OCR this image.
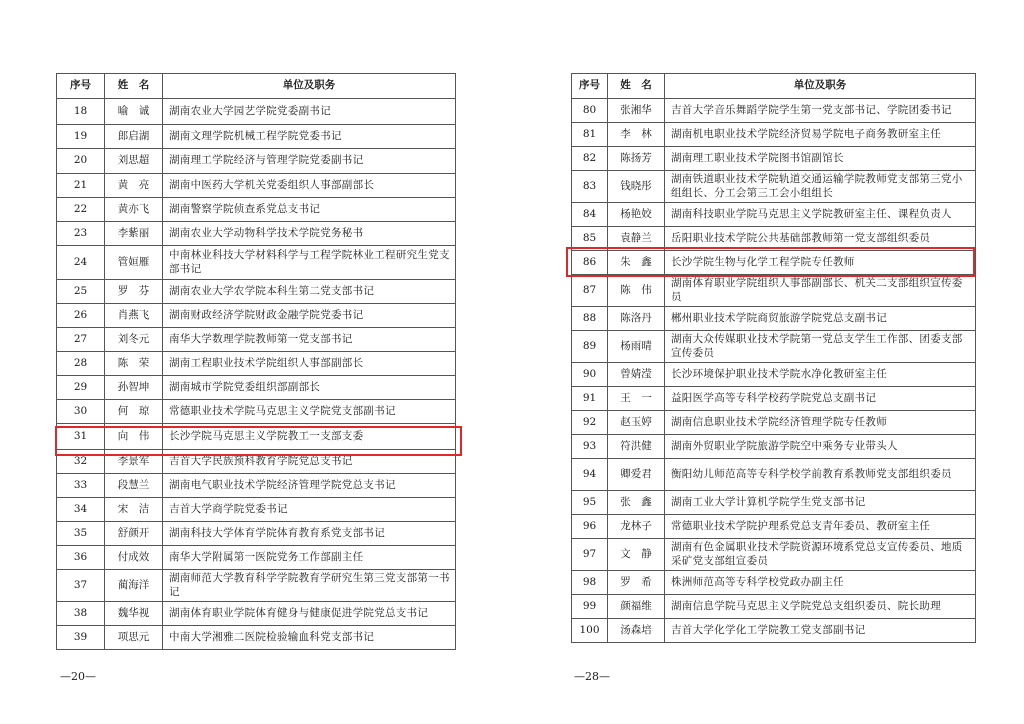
序号	姓　名	单位及职务
18	喻　诚	湖南农业大学园艺学院党委副书记
19	郎启湖	湖南文理学院机械工程学院党委书记
20	刘思超	湖南理工学院经济与管理学院党委副书记
21	黄　亮	湖南中医药大学机关党委组织人事部副部长
22	黄亦飞	湖南警察学院侦查系党总支书记
23	李紫丽	湖南农业大学动物科学技术学院党务秘书
24	管姮雁	中南林业科技大学材料科学与工程学院林业工程研究生党支部书记
25	罗　芬	湖南农业大学农学院本科生第二党支部书记
26	肖燕飞	湖南财政经济学院财政金融学院党委书记
27	刘冬元	南华大学数理学院教师第一党支部书记
28	陈　荣	湖南工程职业技术学院组织人事部副部长
29	孙智坤	湖南城市学院党委组织部副部长
30	何　琼	常德职业技术学院马克思主义学院党支部副书记
31	向　伟	长沙学院马克思主义学院教工一支部支委
32	李景军	吉首大学民族预科教育学院党总支书记
33	段慧兰	湖南电气职业技术学院经济管理学院党总支书记
34	宋　洁	吉首大学商学院党委书记
35	舒颜开	湖南科技大学体育学院体育教育系党支部书记
36	付成效	南华大学附属第一医院党务工作部副主任
37	蔺海洋	湖南师范大学教育科学学院教育学研究生第三党支部第一书记
38	魏华视	湖南体育职业学院体育健身与健康促进学院党总支书记
39	项思元	中南大学湘雅二医院检验输血科党支部书记
序号	姓　名	单位及职务
80	张湘华	吉首大学音乐舞蹈学院学生第一党支部书记、学院团委书记
81	李　林	湖南机电职业技术学院经济贸易学院电子商务教研室主任
82	陈扬芳	湖南理工职业技术学院图书馆副馆长
83	钱晓彤	湖南铁道职业技术学院轨道交通运输学院教师党支部第三党小组组长、分工会第三工会小组组长
84	杨艳姣	湖南科技职业学院马克思主义学院教研室主任、课程负责人
85	袁静兰	岳阳职业技术学院公共基础部教师第一党支部组织委员
86	朱　鑫	长沙学院生物与化学工程学院专任教师
87	陈　伟	湖南体育职业学院组织人事部副部长、机关二支部组织宣传委员
88	陈洛丹	郴州职业技术学院商贸旅游学院党总支副书记
89	杨雨晴	湖南大众传媒职业技术学院第一党总支学生工作部、团委支部宣传委员
90	曾婧滢	长沙环境保护职业技术学院水净化教研室主任
91	王　一	益阳医学高等专科学校药学院党总支副书记
92	赵玉婷	湖南信息职业技术学院经济管理学院专任教师
93	符洪健	湖南外贸职业学院旅游学院空中乘务专业带头人
94	卿爱君	衡阳幼儿师范高等专科学校学前教育系教师党支部组织委员
95	张　鑫	湖南工业大学计算机学院学生党支部书记
96	龙林子	常德职业技术学院护理系党总支青年委员、教研室主任
97	文　静	湖南有色金属职业技术学院资源环境系党总支宣传委员、地质采矿党支部组宣委员
98	罗　希	株洲师范高等专科学校党政办副主任
99	颜福维	湖南信息学院马克思主义学院党总支组织委员、院长助理
100	汤森培	吉首大学化学化工学院教工党支部副书记
—20—	—28—
